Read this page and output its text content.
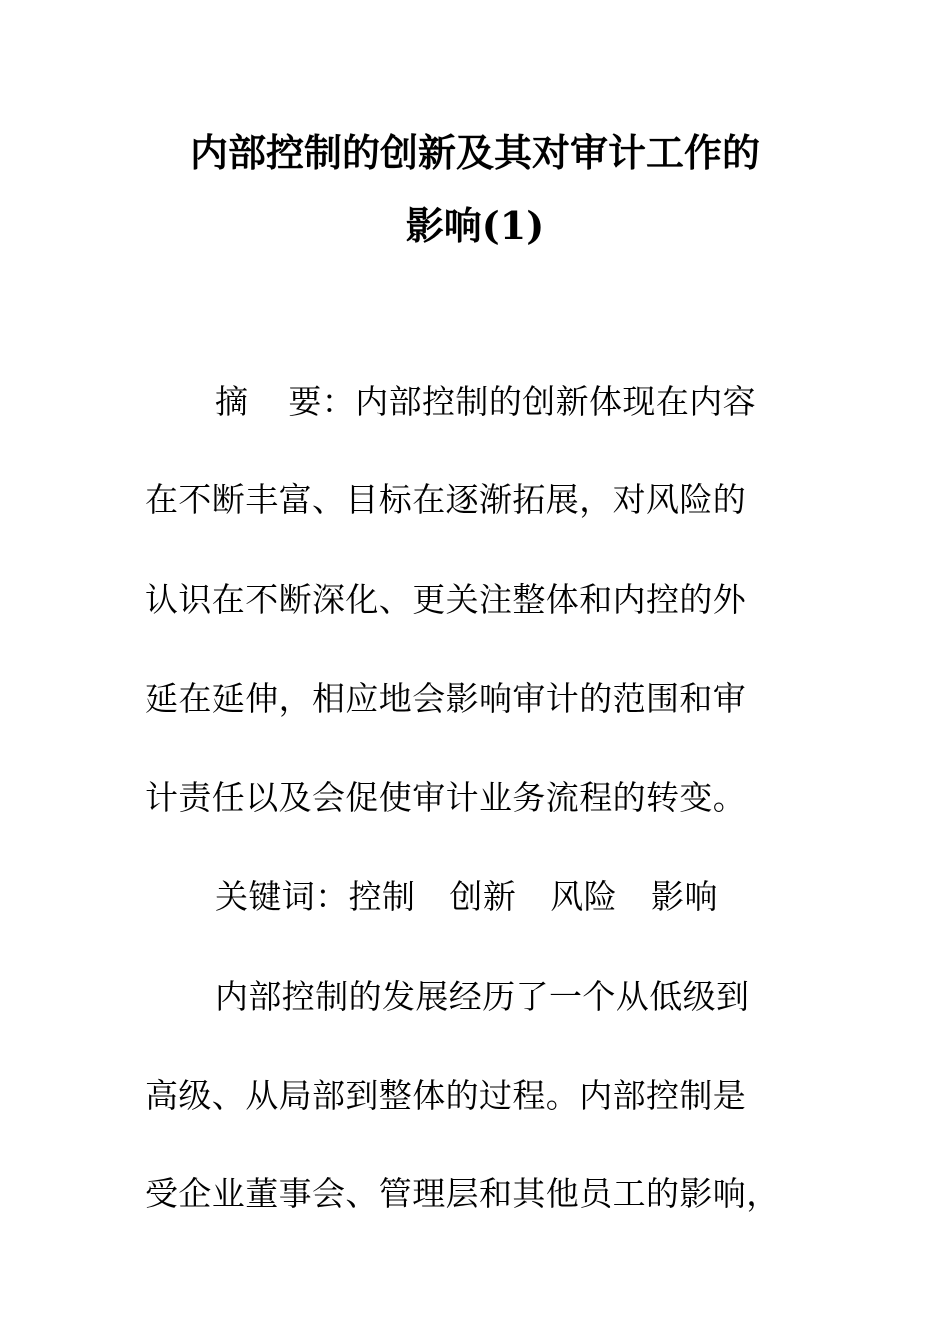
内部控制的创新及其对审计工作的
影响(1)
摘 要：内部控制的创新体现在内容
在不断丰富、目标在逐渐拓展，对风险的
认识在不断深化、更关注整体和内控的外
延在延伸，相应地会影响审计的范围和审
计责任以及会促使审计业务流程的转变。
关键词：控制 创新 风险 影响
内部控制的发展经历了一个从低级到
高级、从局部到整体的过程。内部控制是
受企业董事会、管理层和其他员工的影响，
